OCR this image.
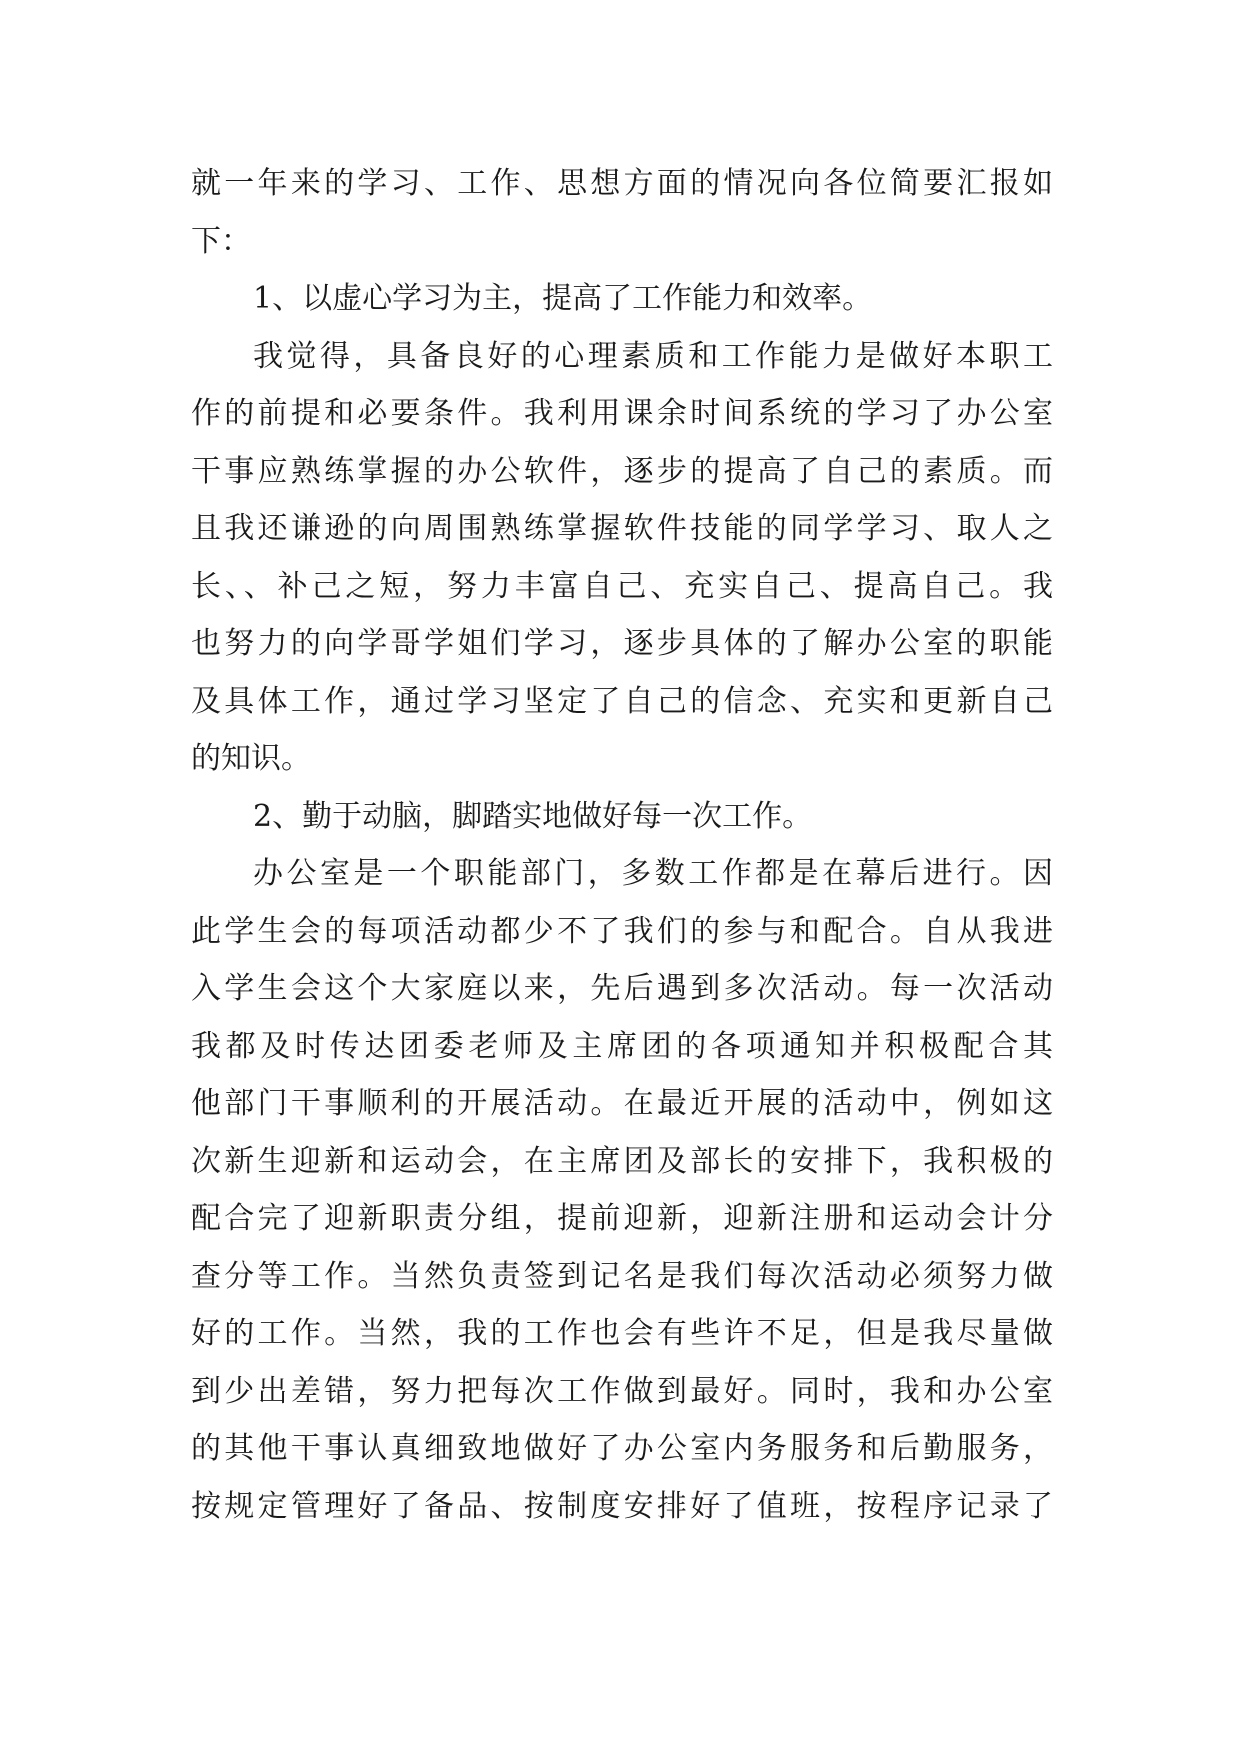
就一年来的学习、工作、思想方面的情况向各位简要汇报如
下：
1、以虚心学习为主，提高了工作能力和效率。
我觉得，具备良好的心理素质和工作能力是做好本职工
作的前提和必要条件。我利用课余时间系统的学习了办公室
干事应熟练掌握的办公软件，逐步的提高了自己的素质。而
且我还谦逊的向周围熟练掌握软件技能的同学学习、取人之
长、、补己之短，努力丰富自己、充实自己、提高自己。我
也努力的向学哥学姐们学习，逐步具体的了解办公室的职能
及具体工作，通过学习坚定了自己的信念、充实和更新自己
的知识。
2、勤于动脑，脚踏实地做好每一次工作。
办公室是一个职能部门，多数工作都是在幕后进行。因
此学生会的每项活动都少不了我们的参与和配合。自从我进
入学生会这个大家庭以来，先后遇到多次活动。每一次活动
我都及时传达团委老师及主席团的各项通知并积极配合其
他部门干事顺利的开展活动。在最近开展的活动中，例如这
次新生迎新和运动会，在主席团及部长的安排下，我积极的
配合完了迎新职责分组，提前迎新，迎新注册和运动会计分
查分等工作。当然负责签到记名是我们每次活动必须努力做
好的工作。当然，我的工作也会有些许不足，但是我尽量做
到少出差错，努力把每次工作做到最好。同时，我和办公室
的其他干事认真细致地做好了办公室内务服务和后勤服务，
按规定管理好了备品、按制度安排好了值班，按程序记录了
